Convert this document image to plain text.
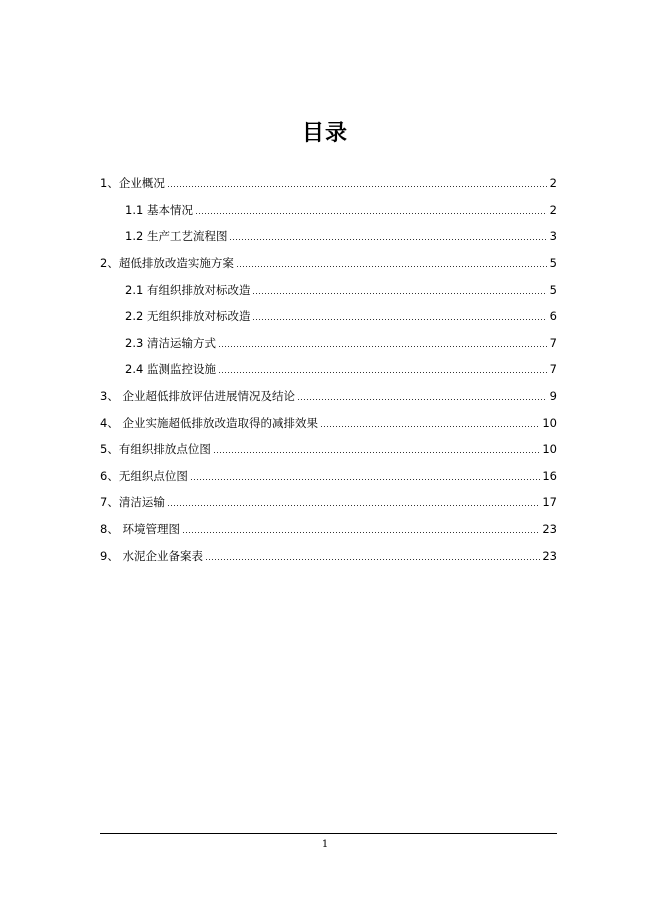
目录
1、企业概况	2
1.1 基本情况	2
1.2 生产工艺流程图	3
2、超低排放改造实施方案	5
2.1 有组织排放对标改造	5
2.2 无组织排放对标改造	6
2.3 清洁运输方式	7
2.4 监测监控设施	7
3、 企业超低排放评估进展情况及结论	9
4、 企业实施超低排放改造取得的减排效果	10
5、有组织排放点位图	10
6、无组织点位图	16
7、清洁运输	17
8、 环境管理图	23
9、 水泥企业备案表	23
1
